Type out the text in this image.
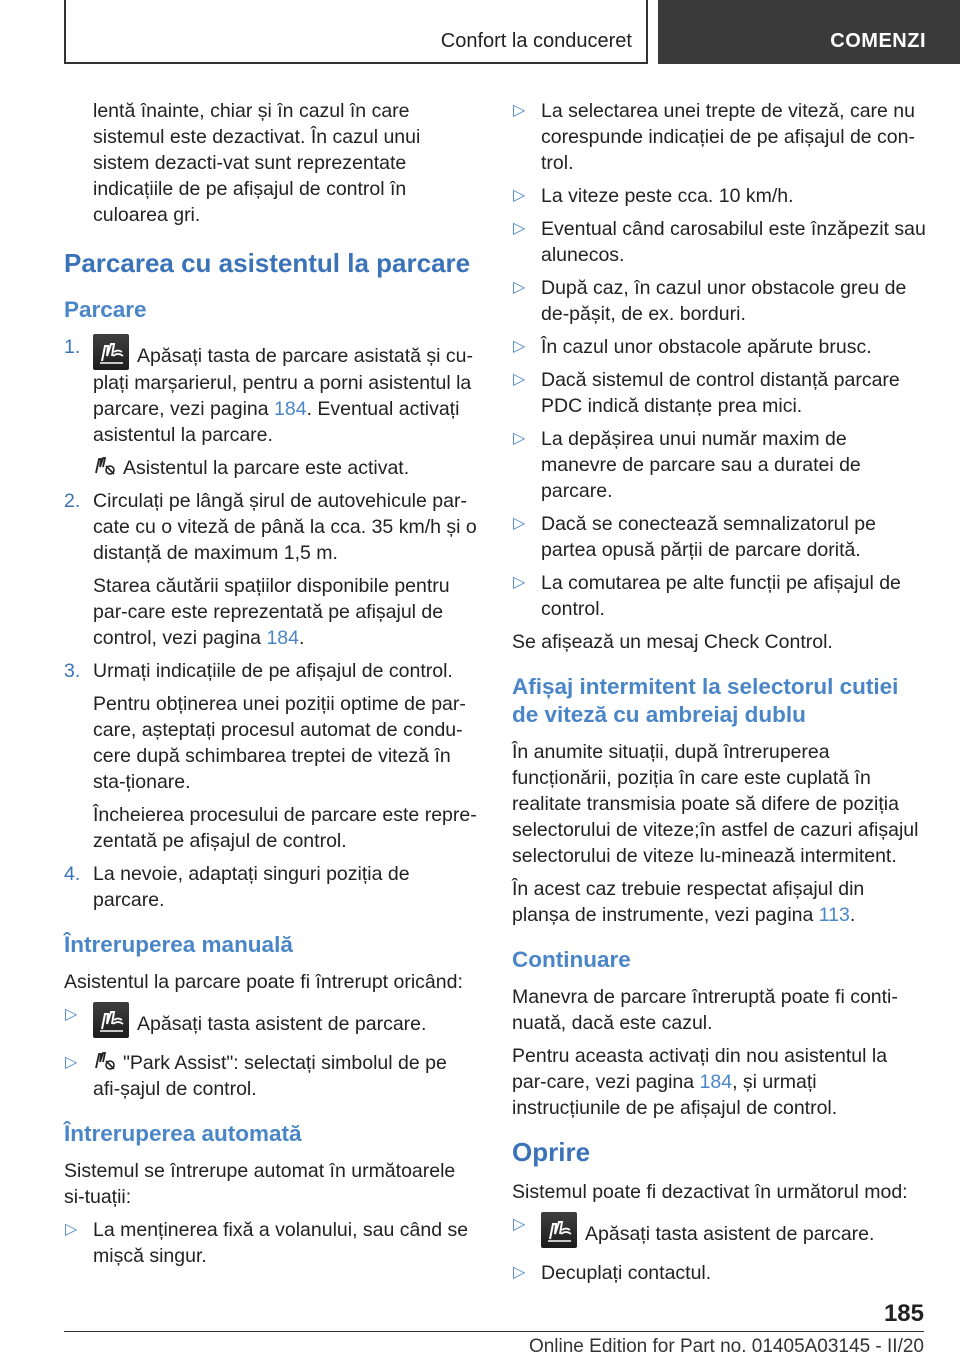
Confort la conduceret	COMENZI

lentă înainte, chiar și în cazul în care sistemul este dezactivat. În cazul unui sistem dezacti-vat sunt reprezentate indicațiile de pe afișajul de control în culoarea gri.

Parcarea cu asistentul la parcare
Parcare
1.	Apăsați tasta de parcare asistată și cu-plați marșarierul, pentru a porni asistentul la parcare, vezi pagina 184. Eventual activați asistentul la parcare.

Asistentul la parcare este activat.

2. Circulați pe lângă șirul de autovehicule par-cate cu o viteză de până la cca. 35 km/h și o distanță de maximum 1,5 m.

Starea căutării spațiilor disponibile pentru par-care este reprezentată pe afișajul de control, vezi pagina 184.

3. Urmați indicațiile de pe afișajul de control.

Pentru obținerea unei poziții optime de par-care, așteptați procesul automat de condu-cere după schimbarea treptei de viteză în sta-ționare.

Încheierea procesului de parcare este repre-zentată pe afișajul de control.

4. La nevoie, adaptați singuri poziția de parcare.
Întreruperea manuală

Asistentul la parcare poate fi întrerupt oricând:

▷	Apăsați tasta asistent de parcare.
▷ "Park Assist": selectați simbolul de pe afi-șajul de control.
Întreruperea automată

Sistemul se întrerupe automat în următoarele si-tuații:

▷ La menținerea fixă a volanului, sau când se mișcă singur.
▷ La selectarea unei trepte de viteză, care nu corespunde indicației de pe afișajul de con-trol.
▷ La viteze peste cca. 10 km/h.
▷ Eventual când carosabilul este înzăpezit sau alunecos.
▷ După caz, în cazul unor obstacole greu de de-pășit, de ex. borduri.
▷ În cazul unor obstacole apărute brusc.
▷ Dacă sistemul de control distanță parcare PDC indică distanțe prea mici.
▷ La depășirea unui număr maxim de manevre de parcare sau a duratei de parcare.
▷ Dacă se conectează semnalizatorul pe partea opusă părții de parcare dorită.
▷ La comutarea pe alte funcții pe afișajul de control.

Se afișează un mesaj Check Control.

Afișaj intermitent la selectorul cutiei de viteză cu ambreiaj dublu

În anumite situații, după întreruperea funcționării, poziția în care este cuplată în realitate transmisia poate să difere de poziția selectorului de viteze;în astfel de cazuri afișajul selectorului de viteze lu-minează intermitent.

În acest caz trebuie respectat afișajul din planșa de instrumente, vezi pagina 113.

Continuare

Manevra de parcare întreruptă poate fi conti-nuată, dacă este cazul.

Pentru aceasta activați din nou asistentul la par-care, vezi pagina 184, și urmați instrucțiunile de pe afișajul de control.

Oprire

Sistemul poate fi dezactivat în următorul mod:

▷	Apăsați tasta asistent de parcare.
▷ Decuplați contactul.
185
Online Edition for Part no. 01405A03145 - II/20
